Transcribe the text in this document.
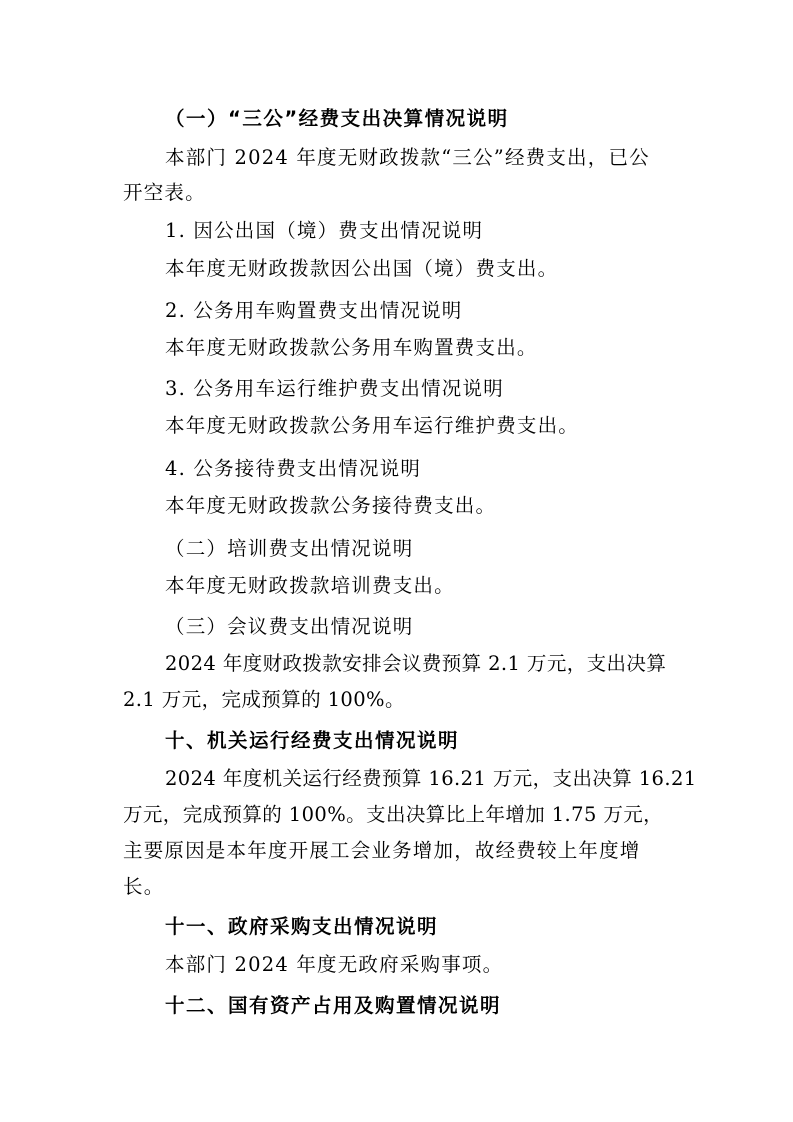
（一）“三公”经费支出决算情况说明
本部门 2024 年度无财政拨款“三公”经费支出，已公
开空表。
1. 因公出国（境）费支出情况说明
本年度无财政拨款因公出国（境）费支出。
2. 公务用车购置费支出情况说明
本年度无财政拨款公务用车购置费支出。
3. 公务用车运行维护费支出情况说明
本年度无财政拨款公务用车运行维护费支出。
4. 公务接待费支出情况说明
本年度无财政拨款公务接待费支出。
（二）培训费支出情况说明
本年度无财政拨款培训费支出。
（三）会议费支出情况说明
2024 年度财政拨款安排会议费预算 2.1 万元，支出决算
2.1 万元，完成预算的 100%。
十、机关运行经费支出情况说明
2024 年度机关运行经费预算 16.21 万元，支出决算 16.21
万元，完成预算的 100%。支出决算比上年增加 1.75 万元，
主要原因是本年度开展工会业务增加，故经费较上年度增
长。
十一、政府采购支出情况说明
本部门 2024 年度无政府采购事项。
十二、国有资产占用及购置情况说明
